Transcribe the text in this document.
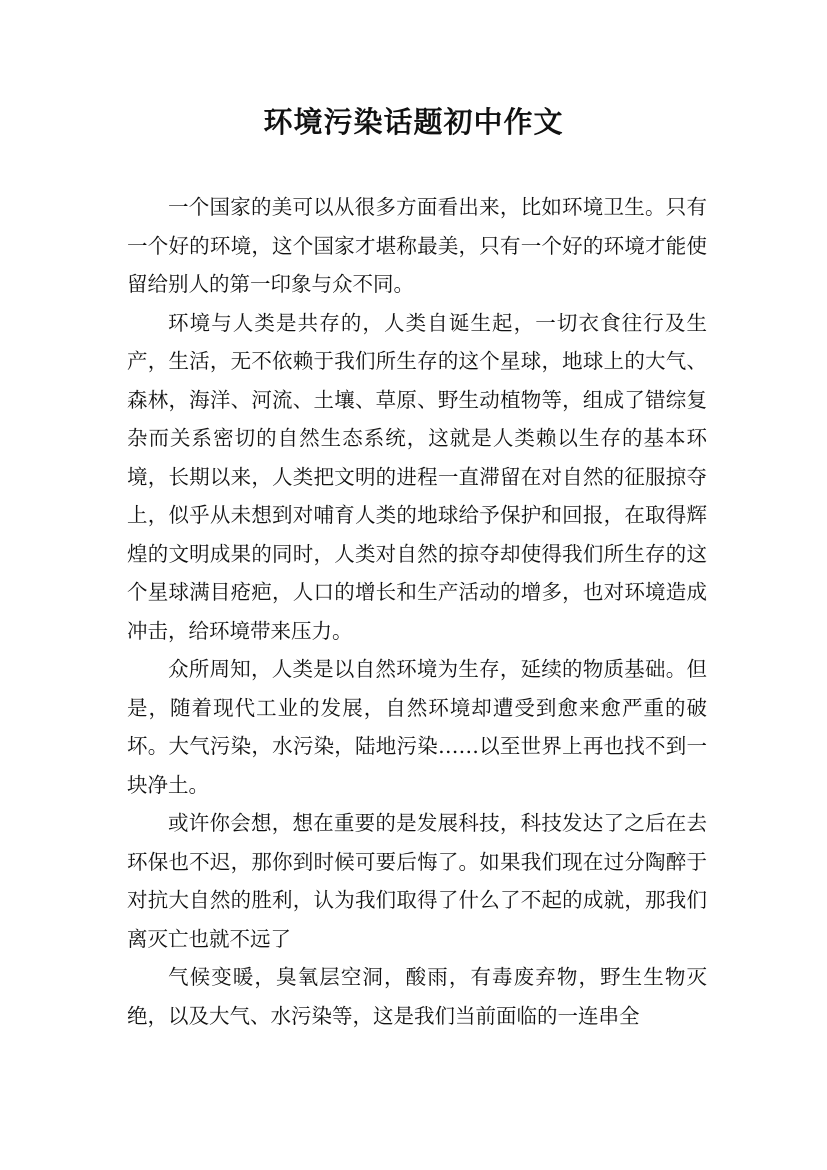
环境污染话题初中作文

一个国家的美可以从很多方面看出来，比如环境卫生。只有一个好的环境，这个国家才堪称最美，只有一个好的环境才能使留给别人的第一印象与众不同。

环境与人类是共存的，人类自诞生起，一切衣食往行及生产，生活，无不依赖于我们所生存的这个星球，地球上的大气、森林，海洋、河流、土壤、草原、野生动植物等，组成了错综复杂而关系密切的自然生态系统，这就是人类赖以生存的基本环境，长期以来，人类把文明的进程一直滞留在对自然的征服掠夺上，似乎从未想到对哺育人类的地球给予保护和回报，在取得辉煌的文明成果的同时，人类对自然的掠夺却使得我们所生存的这个星球满目疮疤，人口的增长和生产活动的增多，也对环境造成冲击，给环境带来压力。

众所周知，人类是以自然环境为生存，延续的物质基础。但是，随着现代工业的发展，自然环境却遭受到愈来愈严重的破坏。大气污染，水污染，陆地污染……以至世界上再也找不到一块净土。

或许你会想，想在重要的是发展科技，科技发达了之后在去环保也不迟，那你到时候可要后悔了。如果我们现在过分陶醉于对抗大自然的胜利，认为我们取得了什么了不起的成就，那我们离灭亡也就不远了

气候变暖，臭氧层空洞，酸雨，有毒废弃物，野生生物灭绝，以及大气、水污染等，这是我们当前面临的一连串全
